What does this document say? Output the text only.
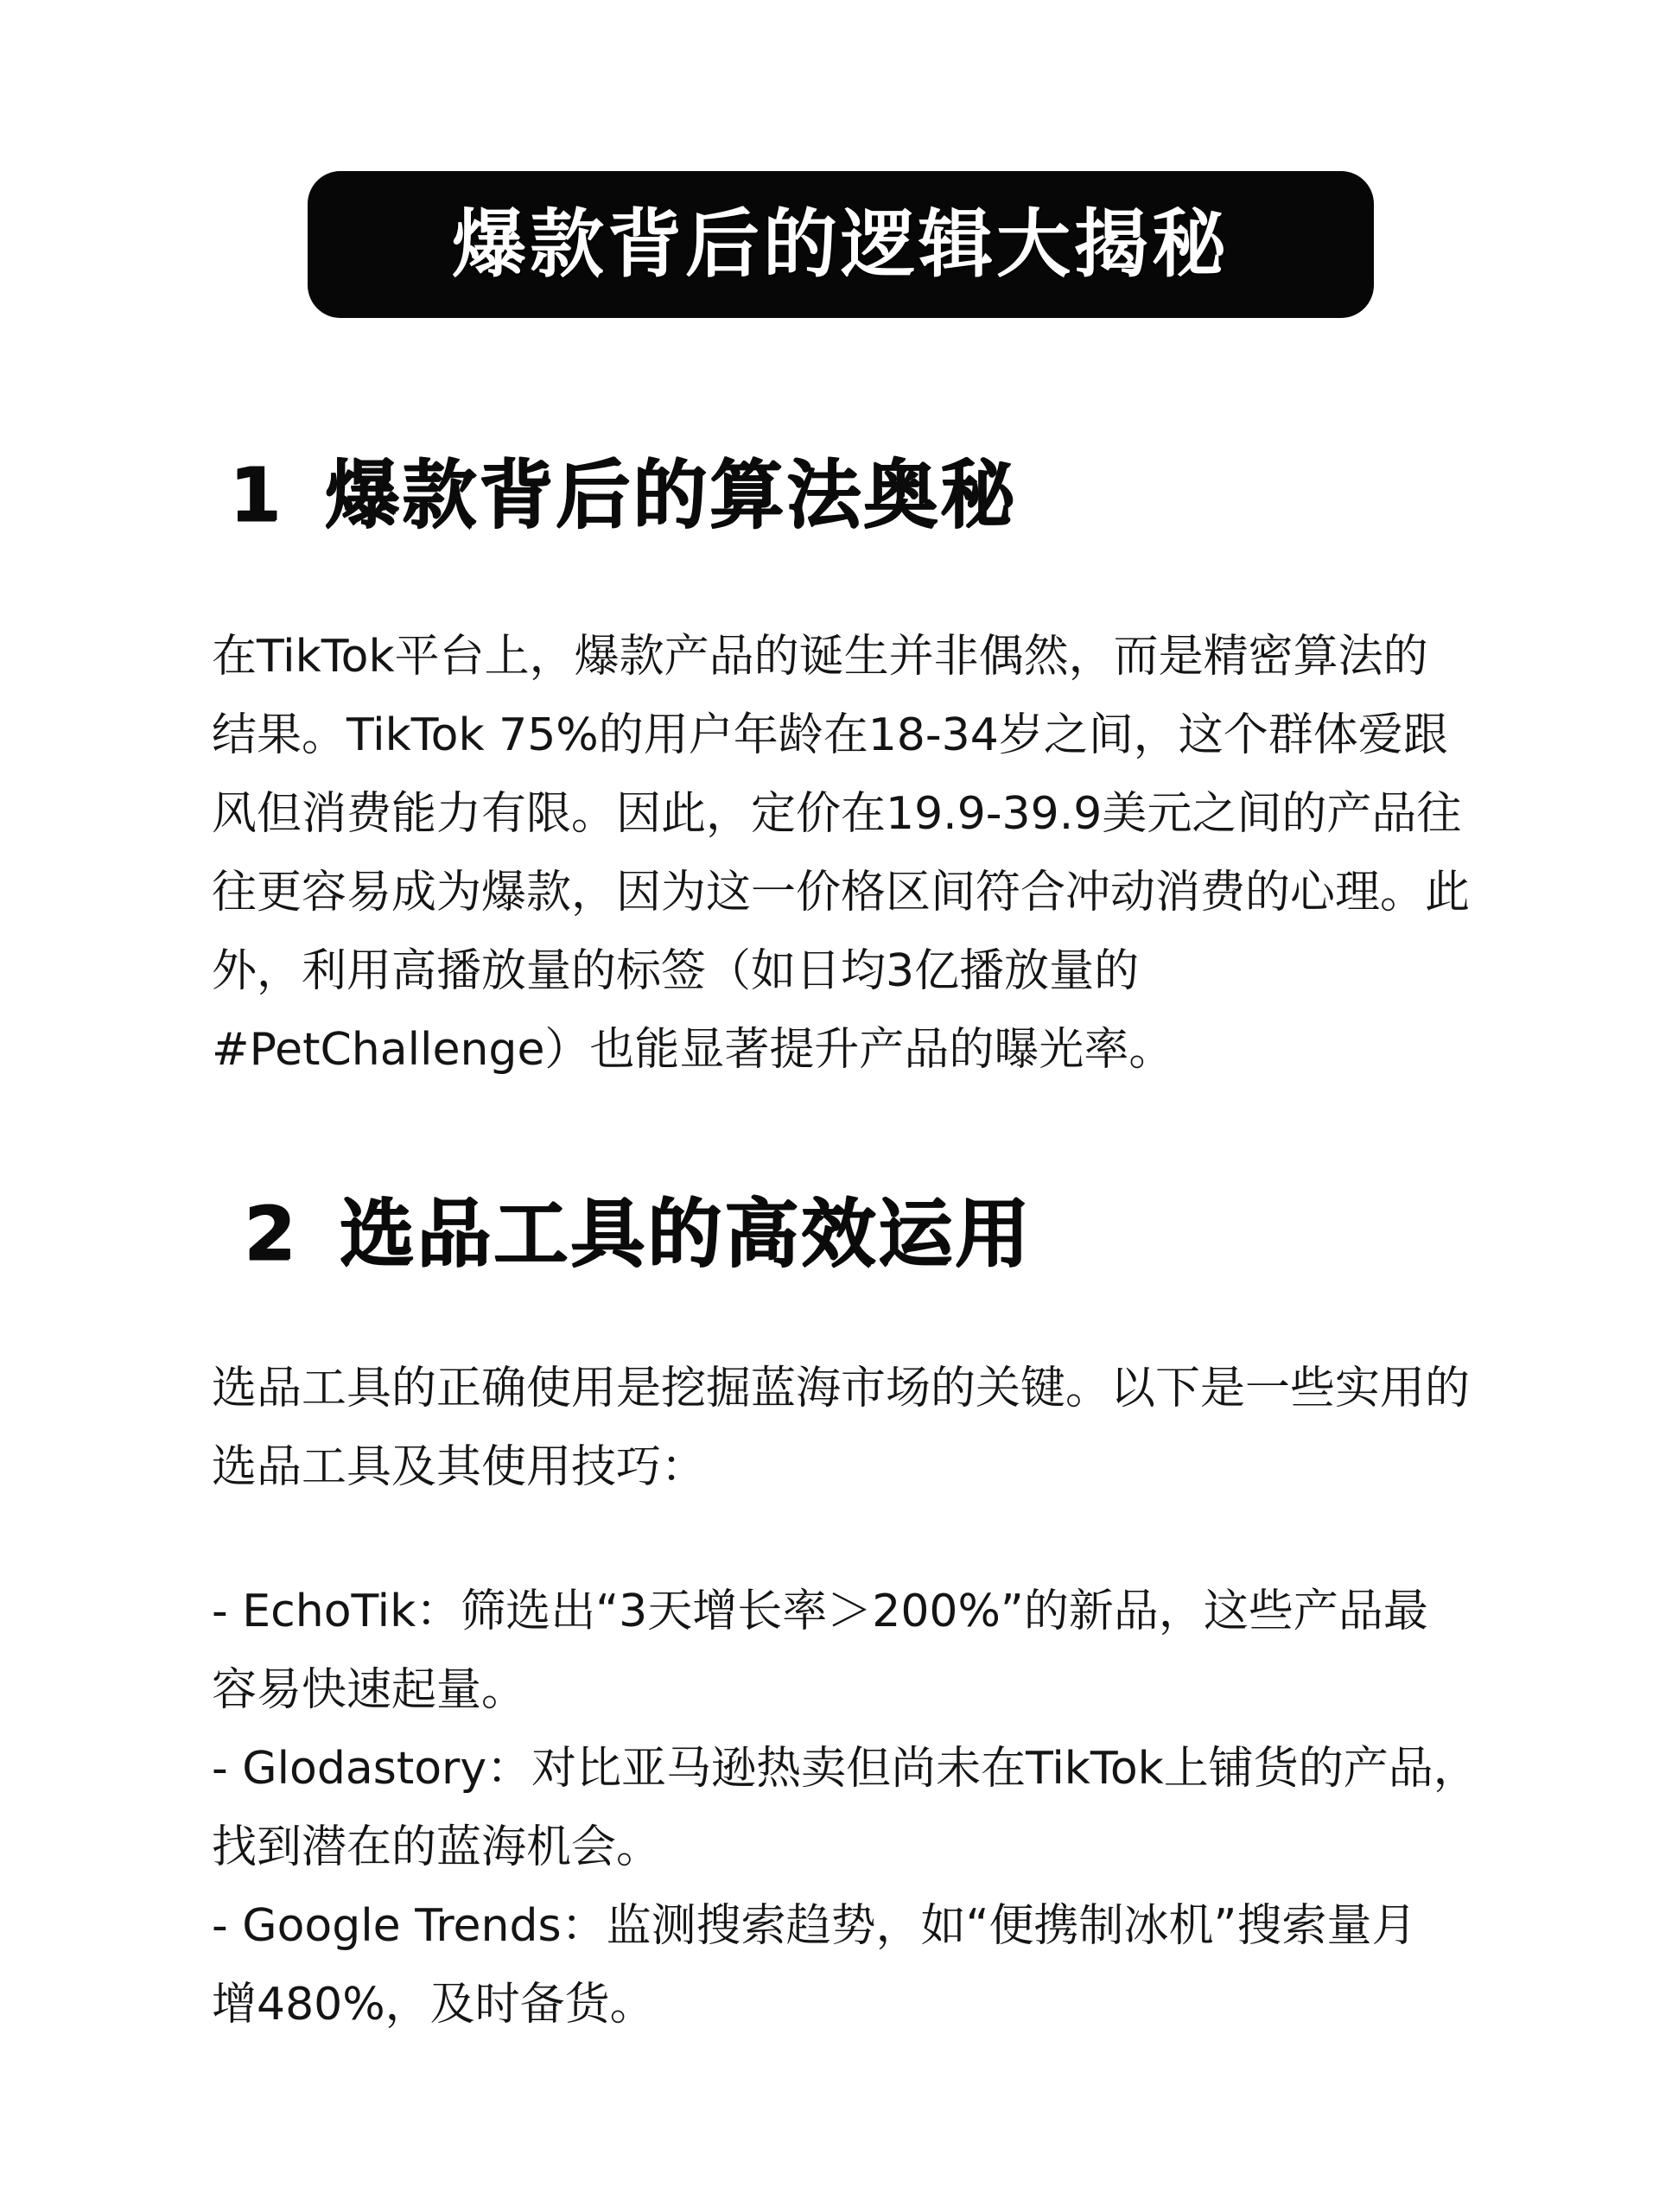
爆款背后的逻辑大揭秘
1 爆款背后的算法奥秘

在TikTok平台上，爆款产品的诞生并非偶然，而是精密算法的
结果。TikTok 75%的用户年龄在18-34岁之间，这个群体爱跟
风但消费能力有限。因此，定价在19.9-39.9美元之间的产品往
往更容易成为爆款，因为这一价格区间符合冲动消费的心理。此
外，利用高播放量的标签（如日均3亿播放量的
#PetChallenge）也能显著提升产品的曝光率。

2 选品工具的高效运用

选品工具的正确使用是挖掘蓝海市场的关键。以下是一些实用的
选品工具及其使用技巧：

- EchoTik：筛选出“3天增长率＞200%”的新品，这些产品最
容易快速起量。
- Glodastory：对比亚马逊热卖但尚未在TikTok上铺货的产品，
找到潜在的蓝海机会。
- Google Trends：监测搜索趋势，如“便携制冰机”搜索量月
增480%，及时备货。
